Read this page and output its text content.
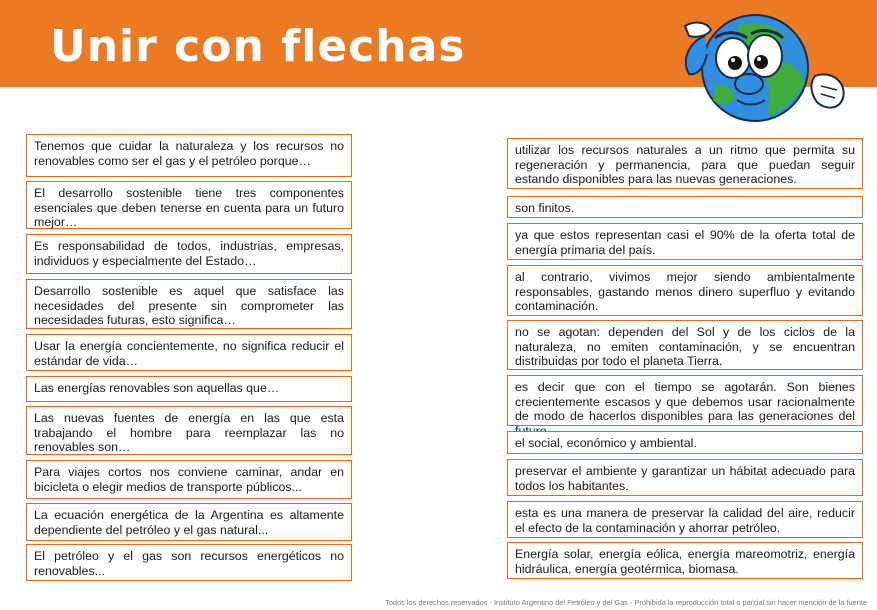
Unir con flechas
Tenemos que cuidar la naturaleza y los recursos no renovables como ser el gas y el petróleo porque…
El desarrollo sostenible tiene tres componentes esenciales que deben tenerse en cuenta para un futuro mejor…
Es responsabilidad de todos, industrias, empresas, individuos y especialmente del Estado…
Desarrollo sostenible es aquel que satisface las necesidades del presente sin comprometer las necesidades futuras, esto significa…
Usar la energía concientemente, no significa reducir el estándar de vida…
Las energías renovables son aquellas que…
Las nuevas fuentes de energía en las que esta trabajando el hombre para reemplazar las no renovables son…
Para viajes cortos nos conviene caminar, andar en bicicleta o elegir medios de transporte públicos...
La ecuación energética de la Argentina es altamente dependiente del petróleo y el gas natural...
El petróleo y el gas son recursos energéticos no renovables...
utilizar los recursos naturales a un ritmo que permita su regeneración y permanencia, para que puedan seguir estando disponibles para las nuevas generaciones.
son finitos.
ya que estos representan casi el 90% de la oferta total de energía primaria del país.
al contrario, vivimos mejor siendo ambientalmente responsables, gastando menos dinero superfluo y evitando contaminación.
no se agotan: dependen del Sol y de los ciclos de la naturaleza, no emiten contaminación, y se encuentran distribuidas por todo el planeta Tierra.
es decir que con el tiempo se agotarán. Son bienes crecientemente escasos y que debemos usar racionalmente de modo de hacerlos disponibles para las generaciones del
el social, económico y ambiental.
preservar el ambiente y garantizar un hábitat adecuado para todos los habitantes.
esta es una manera de preservar la calidad del aire, reducir el efecto de la contaminación y ahorrar petróleo.
Energía solar, energía eólica, energía mareomotriz, energía hidráulica, energía geotérmica, biomasa.
Todos los derechos reservados - Instituto Argentino del Petróleo y del Gas - Prohibida la reproducción total o parcial sin hacer mención de la fuente
